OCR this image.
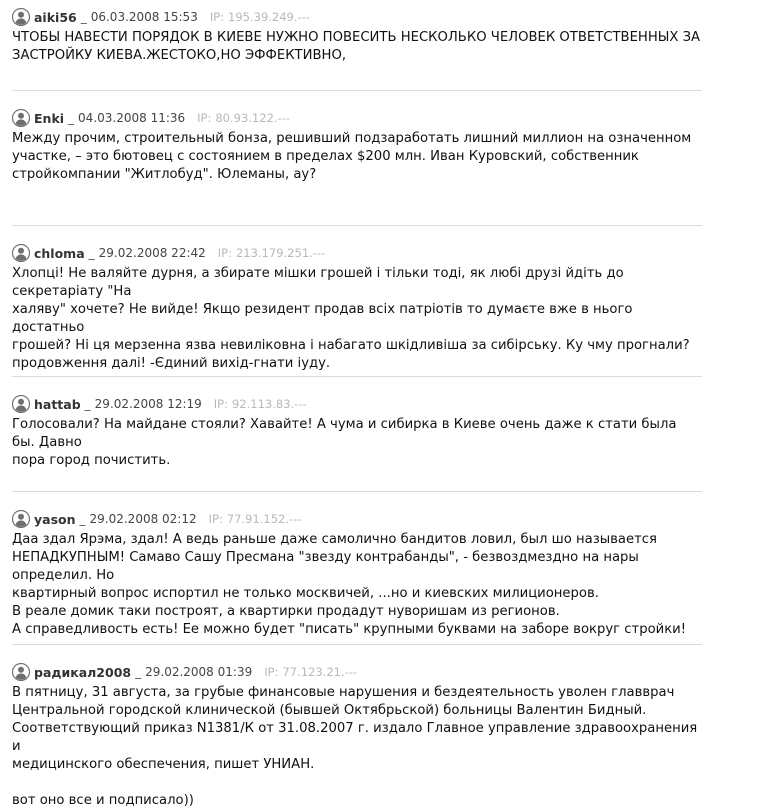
aiki56 _ 06.03.2008 15:53 IP: 195.39.249.---

ЧТОБЫ НАВЕСТИ ПОРЯДОК В КИЕВЕ НУЖНО ПОВЕСИТЬ НЕСКОЛЬКО ЧЕЛОВЕК ОТВЕТСТВЕННЫХ ЗА
ЗАСТРОЙКУ КИЕВА.ЖЕСТОКО,НО ЭФФЕКТИВНО,

Enki _ 04.03.2008 11:36 IP: 80.93.122.---

Между прочим, строительный бонза, решивший подзаработать лишний миллион на означенном
участке, – это бютовец с состоянием в пределах $200 млн. Иван Куровский, собственник
стройкомпании "Житлобуд". Юлеманы, ау?

chloma _ 29.02.2008 22:42 IP: 213.179.251.---

Хлопці! Не валяйте дурня, а збирате мішки грошей і тільки тоді, як любі друзі йдіть до секретаріату "На
халяву" хочете? Не вийде! Якщо резидент продав всіх патріотів то думаєте вже в нього достатньо
грошей? Ні ця мерзенна язва невиліковна і набагато шкідливіша за сибірську. Ку чму прогнали?
продовження далі! -Єдиний вихід-гнати іуду.

hattab _ 29.02.2008 12:19 IP: 92.113.83.---

Голосовали? На майдане стояли? Хавайте! А чума и сибирка в Киеве очень даже к стати была бы. Давно
пора город почистить.

yason _ 29.02.2008 02:12 IP: 77.91.152.---

Даа здал Ярэма, здал! А ведь раньше даже самолично бандитов ловил, был шо называется
НЕПАДКУПНЫМ! Самаво Сашу Пресмана "звезду контрабанды", - безвоздмездно на нары определил. Но
квартирный вопрос испортил не только москвичей, ...но и киевских милиционеров.
В реале домик таки построят, а квартирки продадут нуворишам из регионов.
А справедливость есть! Ее можно будет "писать" крупными буквами на заборе вокруг стройки!

радикал2008 _ 29.02.2008 01:39 IP: 77.123.21.---

В пятницу, 31 августа, за грубые финансовые нарушения и бездеятельность уволен главврач
Центральной городской клинической (бывшей Октябрьской) больницы Валентин Бидный.
Соответствующий приказ N1381/К от 31.08.2007 г. издало Главное управление здравоохранения и
медицинского обеспечения, пишет УНИАН.

вот оно все и подписало))
